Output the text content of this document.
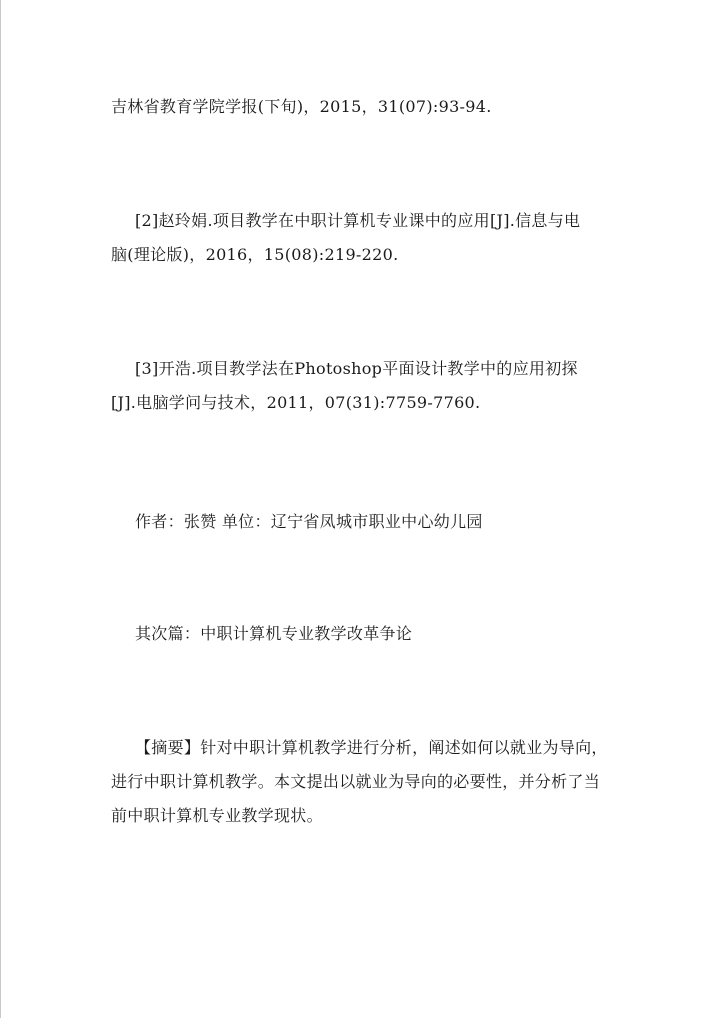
吉林省教育学院学报(下旬)，2015，31(07):93-94.

[2]赵玲娟.项目教学在中职计算机专业课中的应用[J].信息与电
脑(理论版)，2016，15(08):219-220.

[3]开浩.项目教学法在Photoshop平面设计教学中的应用初探
[J].电脑学问与技术，2011，07(31):7759-7760.

作者：张赞 单位：辽宁省凤城市职业中心幼儿园

其次篇：中职计算机专业教学改革争论

【摘要】针对中职计算机教学进行分析，阐述如何以就业为导向，
进行中职计算机教学。本文提出以就业为导向的必要性，并分析了当
前中职计算机专业教学现状。
